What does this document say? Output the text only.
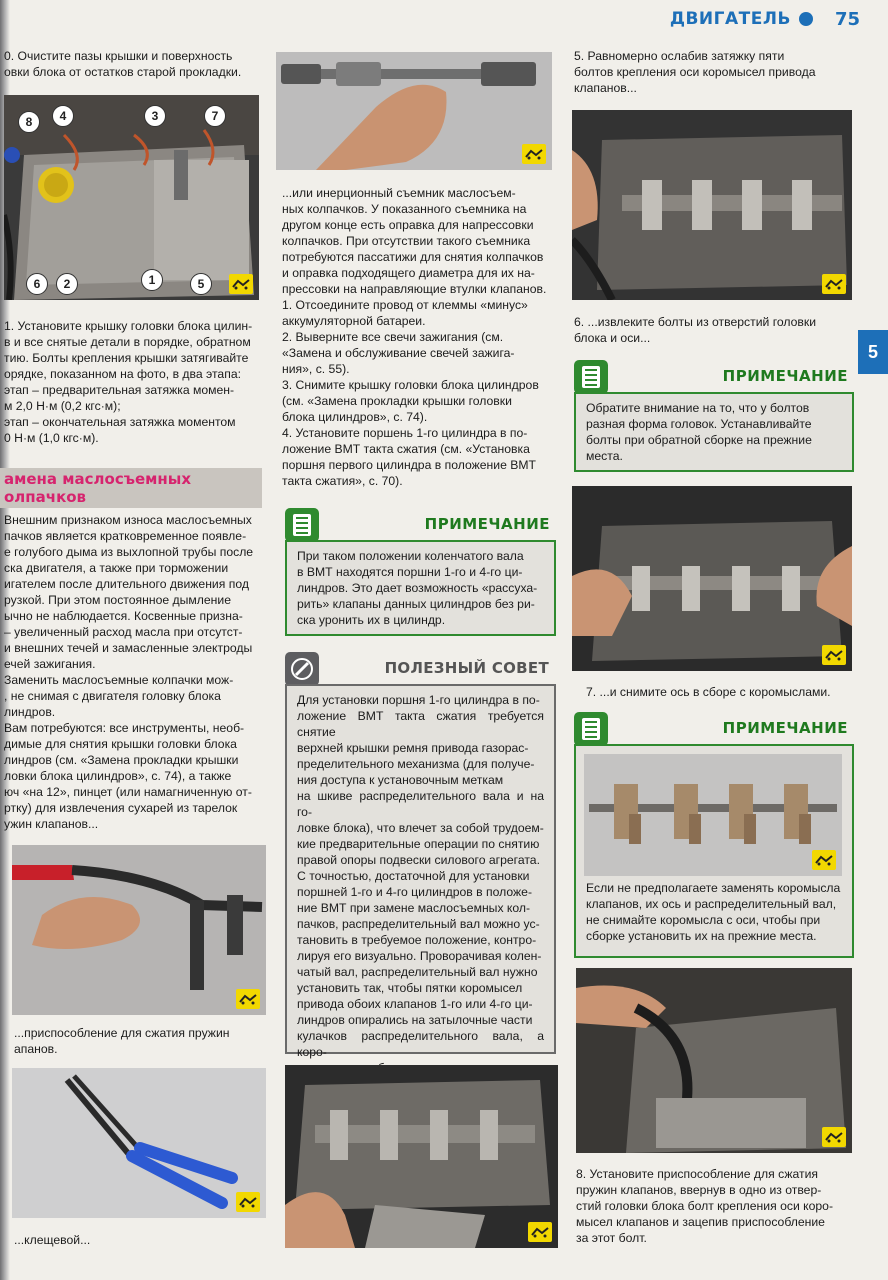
ДВИГАТЕЛЬ 75
5

0. Очистите пазы крышки и поверхность
овки блока от остатков старой прокладки.

8	4	3	7
6	2	1	5

1. Установите крышку головки блока цилин-
в и все снятые детали в порядке, обратном
тию. Болты крепления крышки затягивайте
орядке, показанном на фото, в два этапа:
этап – предварительная затяжка момен-
м 2,0 Н·м (0,2 кгс·м);
этап – окончательная затяжка моментом
0 Н·м (1,0 кгс·м).

амена маслосъемных
олпачков

Внешним признаком износа маслосъемных
пачков является кратковременное появле-
е голубого дыма из выхлопной трубы после
ска двигателя, а также при торможении
игателем после длительного движения под
рузкой. При этом постоянное дымление
ычно не наблюдается. Косвенные призна-
– увеличенный расход масла при отсутст-
и внешних течей и замасленные электроды
ечей зажигания.
Заменить маслосъемные колпачки мож-
, не снимая с двигателя головку блока
линдров.
Вам потребуются: все инструменты, необ-
димые для снятия крышки головки блока
линдров (см. «Замена прокладки крышки
ловки блока цилиндров», с. 74), а также
юч «на 12», пинцет (или намагниченную от-
ртку) для извлечения сухарей из тарелок
ужин клапанов...

...приспособление для сжатия пружин
апанов.

...клещевой...

...или инерционный съемник маслосъем-
ных колпачков. У показанного съемника на
другом конце есть оправка для напрессовки
колпачков. При отсутствии такого съемника
потребуются пассатижи для снятия колпачков
и оправка подходящего диаметра для их на-
прессовки на направляющие втулки клапанов.
1. Отсоедините провод от клеммы «минус»
аккумуляторной батареи.
2. Выверните все свечи зажигания (см.
«Замена и обслуживание свечей зажига-
ния», с. 55).
3. Снимите крышку головки блока цилиндров
(см. «Замена прокладки крышки головки
блока цилиндров», с. 74).
4. Установите поршень 1-го цилиндра в по-
ложение ВМТ такта сжатия (см. «Установка
поршня первого цилиндра в положение ВМТ
такта сжатия», с. 70).

ПРИМЕЧАНИЕ

При таком положении коленчатого вала
в ВМТ находятся поршни 1-го и 4-го ци-
линдров. Это дает возможность «рассуха-
рить» клапаны данных цилиндров без ри-
ска уронить их в цилиндр.

ПОЛЕЗНЫЙ СОВЕТ

Для установки поршня 1-го цилиндра в по-
ложение ВМТ такта сжатия требуется снятие
верхней крышки ремня привода газорас-
пределительного механизма (для получе-
ния доступа к установочным меткам
на шкиве распределительного вала и на го-
ловке блока), что влечет за собой трудоем-
кие предварительные операции по снятию
правой опоры подвески силового агрегата.
С точностью, достаточной для установки
поршней 1-го и 4-го цилиндров в положе-
ние ВМТ при замене маслосъемных кол-
пачков, распределительный вал можно ус-
тановить в требуемое положение, контро-
лируя его визуально. Проворачивая колен-
чатый вал, распределительный вал нужно
установить так, чтобы пятки коромысел
привода обоих клапанов 1-го или 4-го ци-
линдров опирались на затылочные части
кулачков распределительного вала, а коро-

5. Равномерно ослабив затяжку пяти
болтов крепления оси коромысел привода
клапанов...

6. ...извлеките болты из отверстий головки
блока и оси...

ПРИМЕЧАНИЕ

Обратите внимание на то, что у болтов
разная форма головок. Устанавливайте
болты при обратной сборке на прежние
места.

7. ...и снимите ось в сборе с коромыслами.

ПРИМЕЧАНИЕ

Если не предполагаете заменять коромысла
клапанов, их ось и распределительный вал,
не снимайте коромысла с оси, чтобы при
сборке установить их на прежние места.

8. Установите приспособление для сжатия
пружин клапанов, ввернув в одно из отвер-
стий головки блока болт крепления оси коро-
мысел клапанов и зацепив приспособление
за этот болт.
